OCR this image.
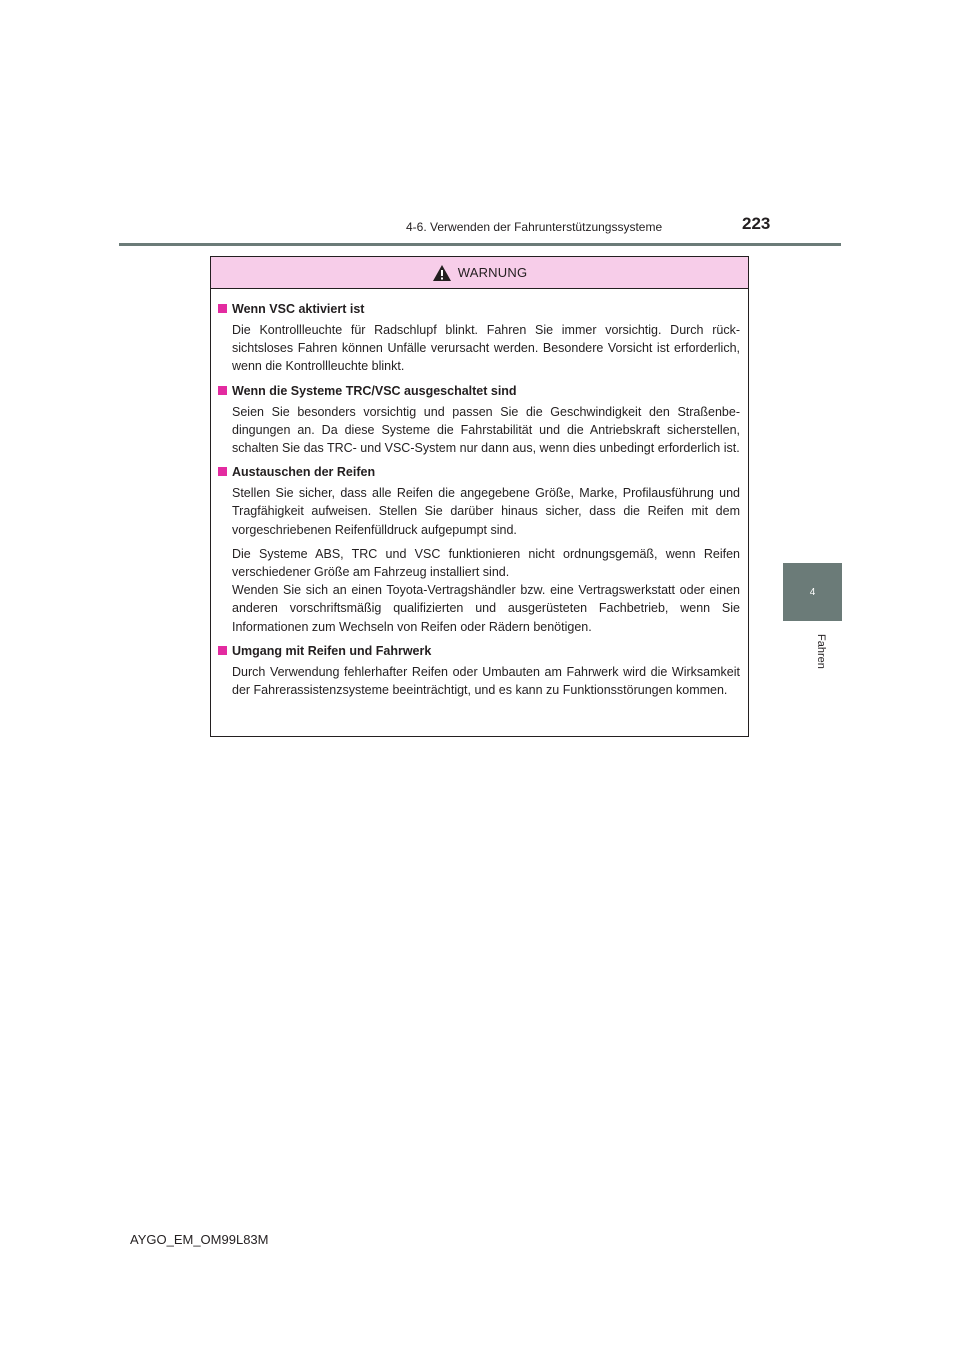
4-6. Verwenden der Fahrunterstützungssysteme	223
4
Fahren
WARNUNG
Wenn VSC aktiviert ist
Die Kontrollleuchte für Radschlupf blinkt. Fahren Sie immer vorsichtig. Durch rücksichtsloses Fahren können Unfälle verursacht werden. Besondere Vorsicht ist erforderlich, wenn die Kontrollleuchte blinkt.
Wenn die Systeme TRC/VSC ausgeschaltet sind
Seien Sie besonders vorsichtig und passen Sie die Geschwindigkeit den Straßenbedingungen an. Da diese Systeme die Fahrstabilität und die Antriebskraft sicherstellen, schalten Sie das TRC- und VSC-System nur dann aus, wenn dies unbedingt erforderlich ist.
Austauschen der Reifen
Stellen Sie sicher, dass alle Reifen die angegebene Größe, Marke, Profilausführung und Tragfähigkeit aufweisen. Stellen Sie darüber hinaus sicher, dass die Reifen mit dem vorgeschriebenen Reifenfülldruck aufgepumpt sind.
Die Systeme ABS, TRC und VSC funktionieren nicht ordnungsgemäß, wenn Reifen verschiedener Größe am Fahrzeug installiert sind.
Wenden Sie sich an einen Toyota-Vertragshändler bzw. eine Vertragswerkstatt oder einen anderen vorschriftsmäßig qualifizierten und ausgerüsteten Fachbetrieb, wenn Sie Informationen zum Wechseln von Reifen oder Rädern benötigen.
Umgang mit Reifen und Fahrwerk
Durch Verwendung fehlerhafter Reifen oder Umbauten am Fahrwerk wird die Wirksamkeit der Fahrerassistenzsysteme beeinträchtigt, und es kann zu Funktionsstörungen kommen.
AYGO_EM_OM99L83M
